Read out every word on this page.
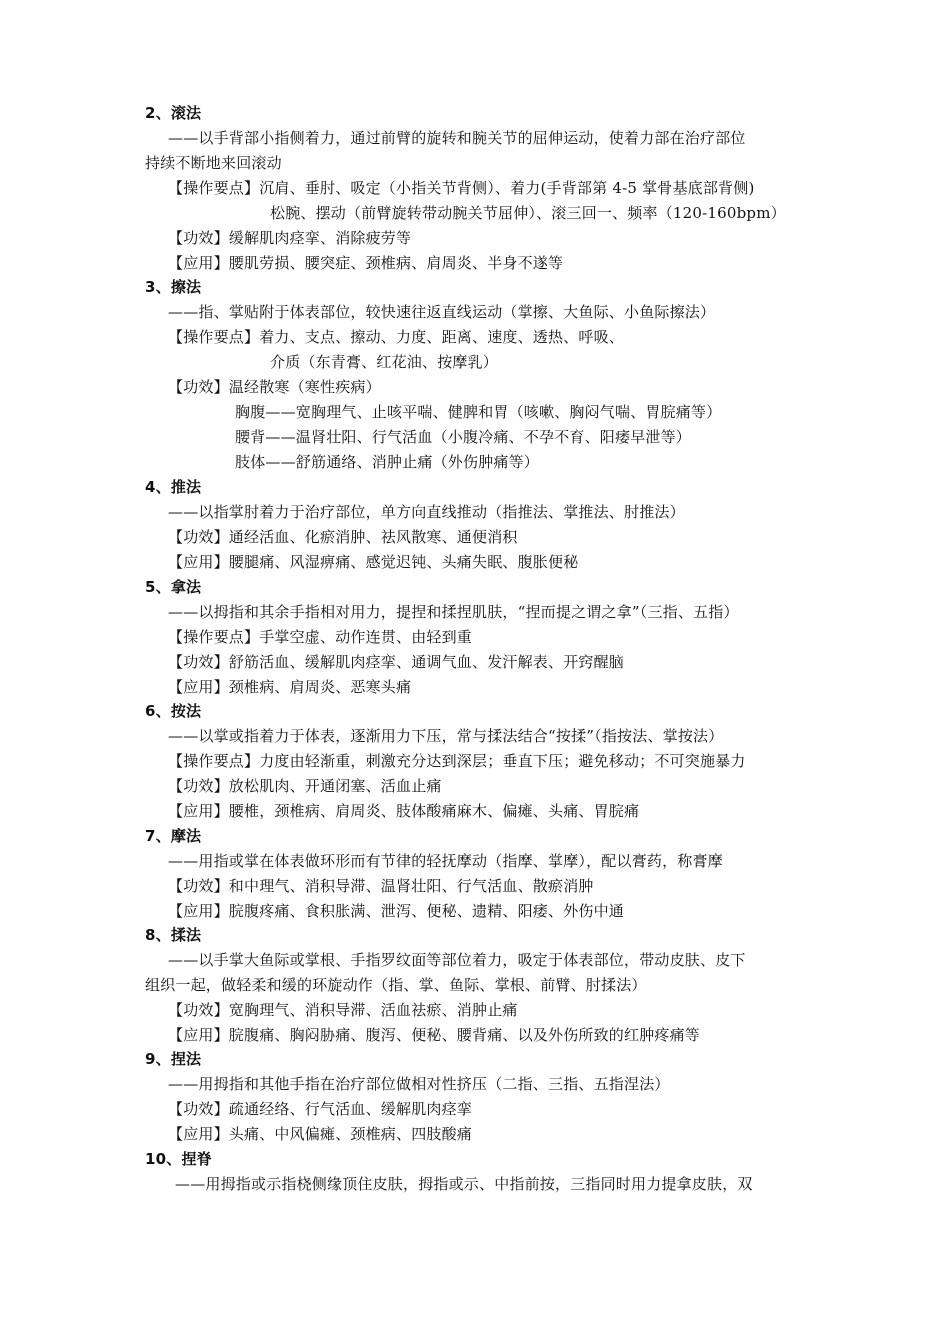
2、滚法
——以手背部小指侧着力，通过前臂的旋转和腕关节的屈伸运动，使着力部在治疗部位
持续不断地来回滚动
【操作要点】沉肩、垂肘、吸定（小指关节背侧）、着力(手背部第 4-5 掌骨基底部背侧)
松腕、摆动（前臂旋转带动腕关节屈伸）、滚三回一、频率（120-160bpm）
【功效】缓解肌肉痉挛、消除疲劳等
【应用】腰肌劳损、腰突症、颈椎病、肩周炎、半身不遂等
3、擦法
——指、掌贴附于体表部位，较快速往返直线运动（掌擦、大鱼际、小鱼际擦法）
【操作要点】着力、支点、擦动、力度、距离、速度、透热、呼吸、
介质（东青膏、红花油、按摩乳）
【功效】温经散寒（寒性疾病）
胸腹——宽胸理气、止咳平喘、健脾和胃（咳嗽、胸闷气喘、胃脘痛等）
腰背——温肾壮阳、行气活血（小腹冷痛、不孕不育、阳痿早泄等）
肢体——舒筋通络、消肿止痛（外伤肿痛等）
4、推法
——以指掌肘着力于治疗部位，单方向直线推动（指推法、掌推法、肘推法）
【功效】通经活血、化瘀消肿、祛风散寒、通便消积
【应用】腰腿痛、风湿痹痛、感觉迟钝、头痛失眠、腹胀便秘
5、拿法
——以拇指和其余手指相对用力，提捏和揉捏肌肤，“捏而提之谓之拿”（三指、五指）
【操作要点】手掌空虚、动作连贯、由轻到重
【功效】舒筋活血、缓解肌肉痉挛、通调气血、发汗解表、开窍醒脑
【应用】颈椎病、肩周炎、恶寒头痛
6、按法
——以掌或指着力于体表，逐渐用力下压，常与揉法结合“按揉”（指按法、掌按法）
【操作要点】力度由轻渐重，刺激充分达到深层；垂直下压；避免移动；不可突施暴力
【功效】放松肌肉、开通闭塞、活血止痛
【应用】腰椎，颈椎病、肩周炎、肢体酸痛麻木、偏瘫、头痛、胃脘痛
7、摩法
——用指或掌在体表做环形而有节律的轻抚摩动（指摩、掌摩），配以膏药，称膏摩
【功效】和中理气、消积导滞、温肾壮阳、行气活血、散瘀消肿
【应用】脘腹疼痛、食积胀满、泄泻、便秘、遗精、阳痿、外伤中通
8、揉法
——以手掌大鱼际或掌根、手指罗纹面等部位着力，吸定于体表部位，带动皮肤、皮下
组织一起，做轻柔和缓的环旋动作（指、掌、鱼际、掌根、前臂、肘揉法）
【功效】宽胸理气、消积导滞、活血祛瘀、消肿止痛
【应用】脘腹痛、胸闷胁痛、腹泻、便秘、腰背痛、以及外伤所致的红肿疼痛等
9、捏法
——用拇指和其他手指在治疗部位做相对性挤压（二指、三指、五指涅法）
【功效】疏通经络、行气活血、缓解肌肉痉挛
【应用】头痛、中风偏瘫、颈椎病、四肢酸痛
10、捏脊
——用拇指或示指桡侧缘顶住皮肤，拇指或示、中指前按，三指同时用力提拿皮肤，双
